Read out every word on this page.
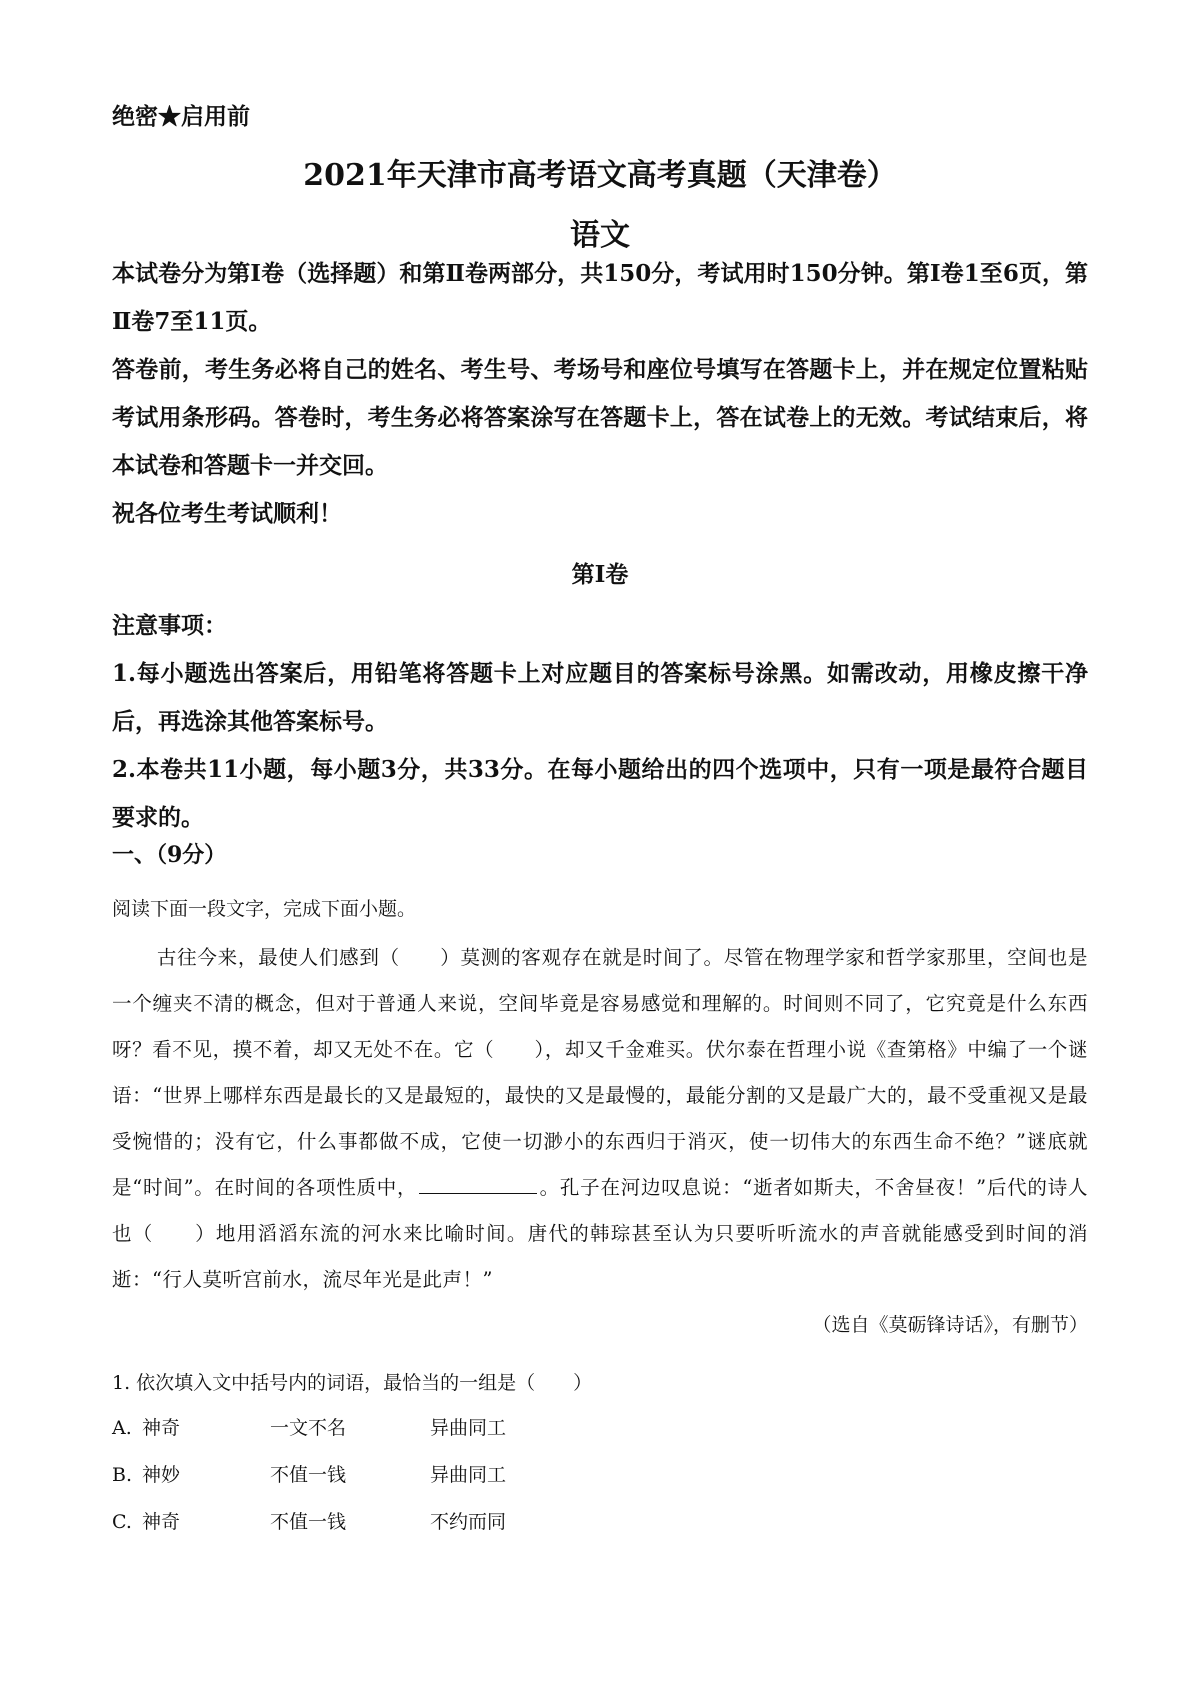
绝密★启用前
2021年天津市高考语文高考真题（天津卷）
语文
本试卷分为第Ⅰ卷（选择题）和第Ⅱ卷两部分，共150分，考试用时150分钟。第Ⅰ卷1至6页，第Ⅱ卷7至11页。
答卷前，考生务必将自己的姓名、考生号、考场号和座位号填写在答题卡上，并在规定位置粘贴考试用条形码。答卷时，考生务必将答案涂写在答题卡上，答在试卷上的无效。考试结束后，将本试卷和答题卡一并交回。
祝各位考生考试顺利！
第Ⅰ卷
注意事项：
1.每小题选出答案后，用铅笔将答题卡上对应题目的答案标号涂黑。如需改动，用橡皮擦干净后，再选涂其他答案标号。
2.本卷共11小题，每小题3分，共33分。在每小题给出的四个选项中，只有一项是最符合题目要求的。
一、（9分）
阅读下面一段文字，完成下面小题。
古往今来，最使人们感到（　　）莫测的客观存在就是时间了。尽管在物理学家和哲学家那里，空间也是一个缠夹不清的概念，但对于普通人来说，空间毕竟是容易感觉和理解的。时间则不同了，它究竟是什么东西呀？看不见，摸不着，却又无处不在。它（　　），却又千金难买。伏尔泰在哲理小说《查第格》中编了一个谜语：“世界上哪样东西是最长的又是最短的，最快的又是最慢的，最能分割的又是最广大的，最不受重视又是最受惋惜的；没有它，什么事都做不成，它使一切渺小的东西归于消灭，使一切伟大的东西生命不绝？”谜底就是“时间”。在时间的各项性质中，	。孔子在河边叹息说：“逝者如斯夫，不舍昼夜！”后代的诗人也（　　）地用滔滔东流的河水来比喻时间。唐代的韩琮甚至认为只要听听流水的声音就能感受到时间的消逝：“行人莫听宫前水，流尽年光是此声！”
（选自《莫砺锋诗话》，有删节）
1. 依次填入文中括号内的词语，最恰当的一组是（　　）
A. 神奇	一文不名	异曲同工
B. 神妙	不值一钱	异曲同工
C. 神奇	不值一钱	不约而同
